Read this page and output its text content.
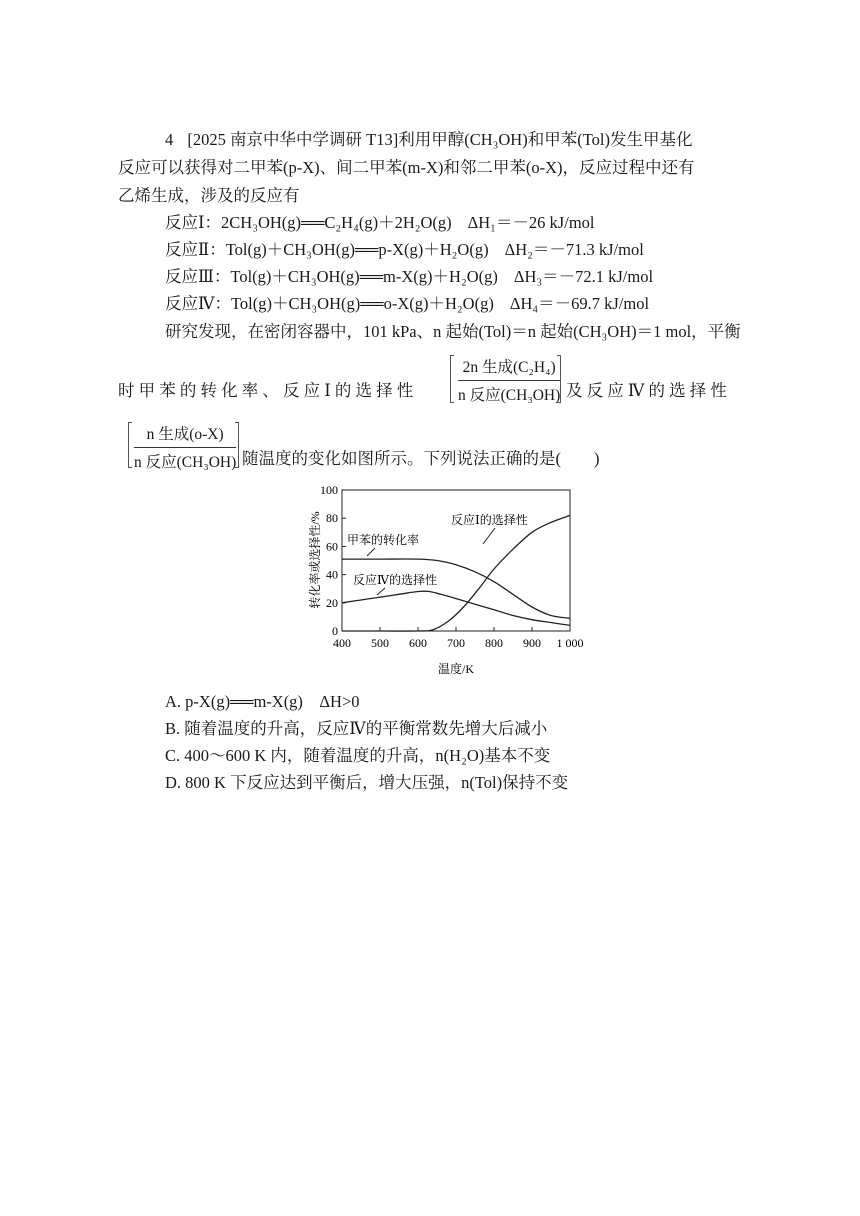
4 [2025 南京中华中学调研 T13]利用甲醇(CH₃OH)和甲苯(Tol)发生甲基化
反应可以获得对二甲苯(p-X)、间二甲苯(m-X)和邻二甲苯(o-X)，反应过程中还有
乙烯生成，涉及的反应有
反应Ⅰ：2CH₃OH(g)══C₂H₄(g)＋2H₂O(g) ΔH₁＝－26 kJ/mol
反应Ⅱ：Tol(g)＋CH₃OH(g)══p-X(g)＋H₂O(g) ΔH₂＝－71.3 kJ/mol
反应Ⅲ：Tol(g)＋CH₃OH(g)══m-X(g)＋H₂O(g) ΔH₃＝－72.1 kJ/mol
反应Ⅳ：Tol(g)＋CH₃OH(g)══o-X(g)＋H₂O(g) ΔH₄＝－69.7 kJ/mol
研究发现，在密闭容器中，101 kPa、n 起始(Tol)＝n 起始(CH₃OH)＝1 mol，平衡
时 甲 苯 的 转 化 率 、 反 应 Ⅰ 的 选 择 性
2n 生成(C₂H₄)
n 反应(CH₃OH) 及 反 应 Ⅳ 的 选 择 性
n 生成(o-X)
n 反应(CH₃OH) 随温度的变化如图所示。下列说法正确的是(　　)
400 500 600 700 800 900 1 000
0
20
40
60
80
100
甲苯的转化率
反应Ⅰ的选择性
反应Ⅳ的选择性
温度/K
转化率或选择性/%
A. p-X(g)══m-X(g)　ΔH>0
B. 随着温度的升高，反应Ⅳ的平衡常数先增大后减小
C. 400～600 K 内，随着温度的升高，n(H₂O)基本不变
D. 800 K 下反应达到平衡后，增大压强，n(Tol)保持不变
